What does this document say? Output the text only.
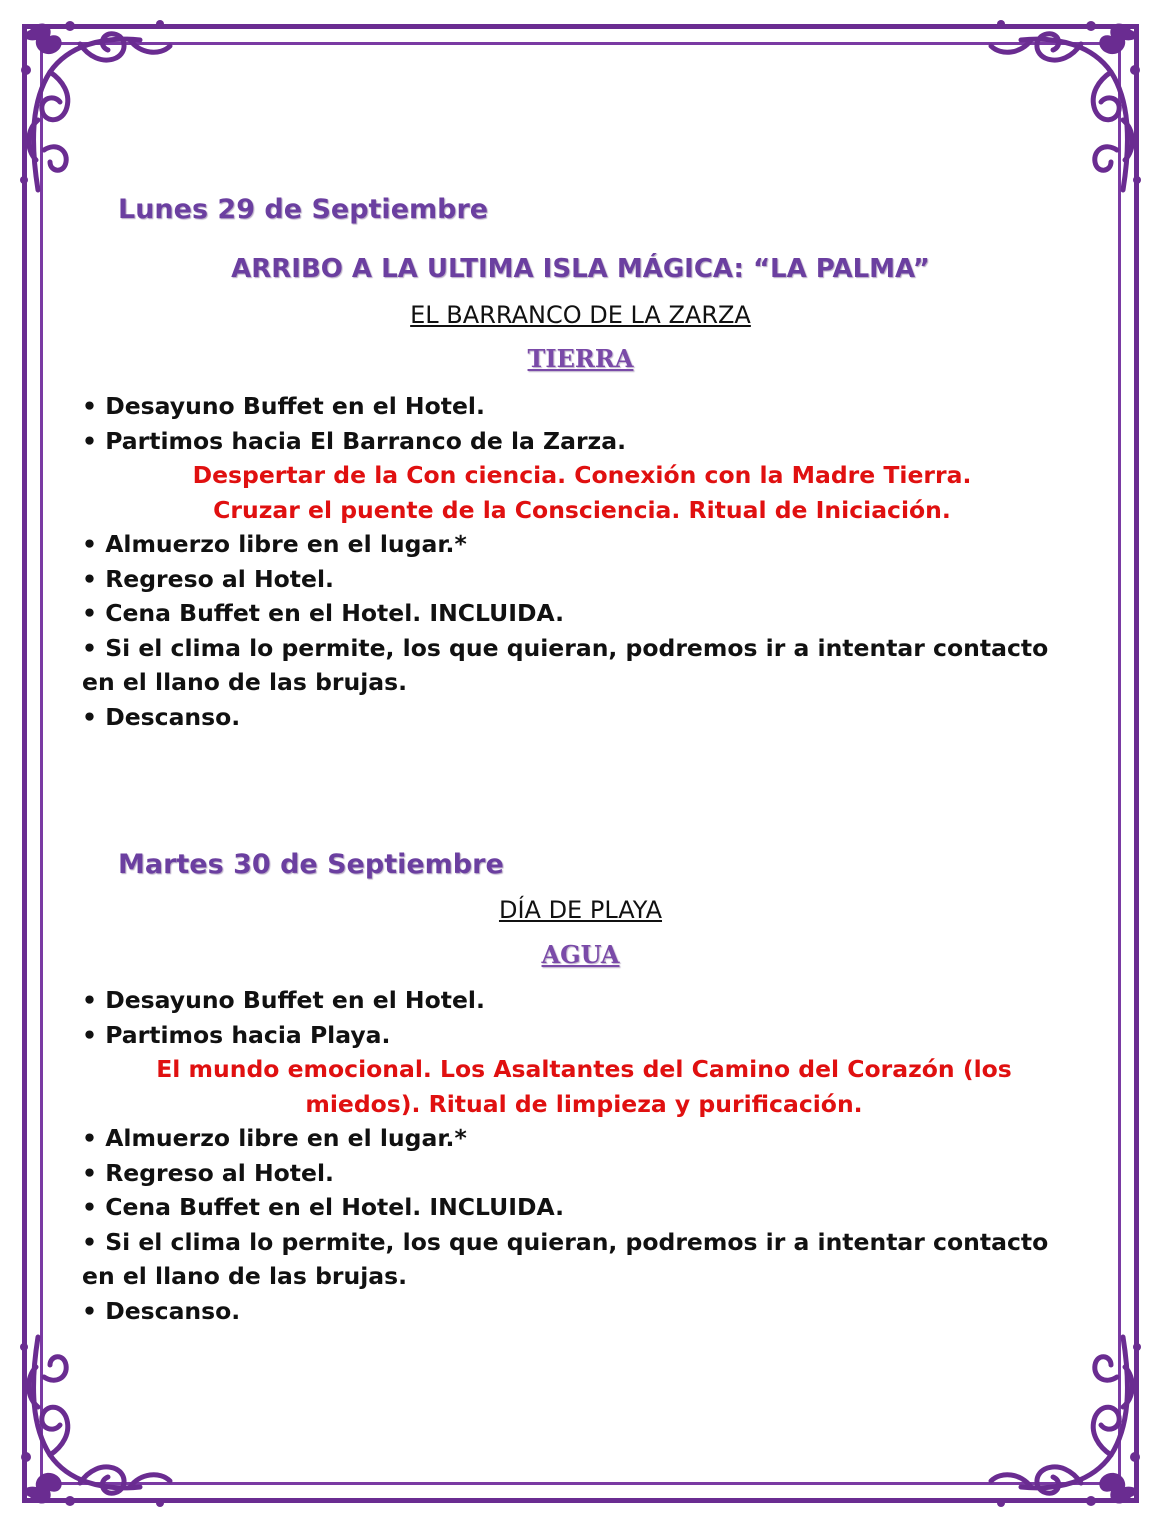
Lunes 29 de Septiembre
ARRIBO A LA ULTIMA ISLA MÁGICA: “LA PALMA”
EL BARRANCO DE LA ZARZA
TIERRA
• Desayuno Buffet en el Hotel.
• Partimos hacia El Barranco de la Zarza.
Despertar de la Con ciencia. Conexión con la Madre Tierra.
Cruzar el puente de la Consciencia. Ritual de Iniciación.
• Almuerzo libre en el lugar.*
• Regreso al Hotel.
• Cena Buffet en el Hotel. INCLUIDA.
• Si el clima lo permite, los que quieran, podremos ir a intentar contacto en el llano de las brujas.
• Descanso.
Martes 30 de Septiembre
DÍA DE PLAYA
AGUA
• Desayuno Buffet en el Hotel.
• Partimos hacia Playa.
El mundo emocional. Los Asaltantes del Camino del Corazón (los miedos). Ritual de limpieza y purificación.
• Almuerzo libre en el lugar.*
• Regreso al Hotel.
• Cena Buffet en el Hotel. INCLUIDA.
• Si el clima lo permite, los que quieran, podremos ir a intentar contacto en el llano de las brujas.
• Descanso.
